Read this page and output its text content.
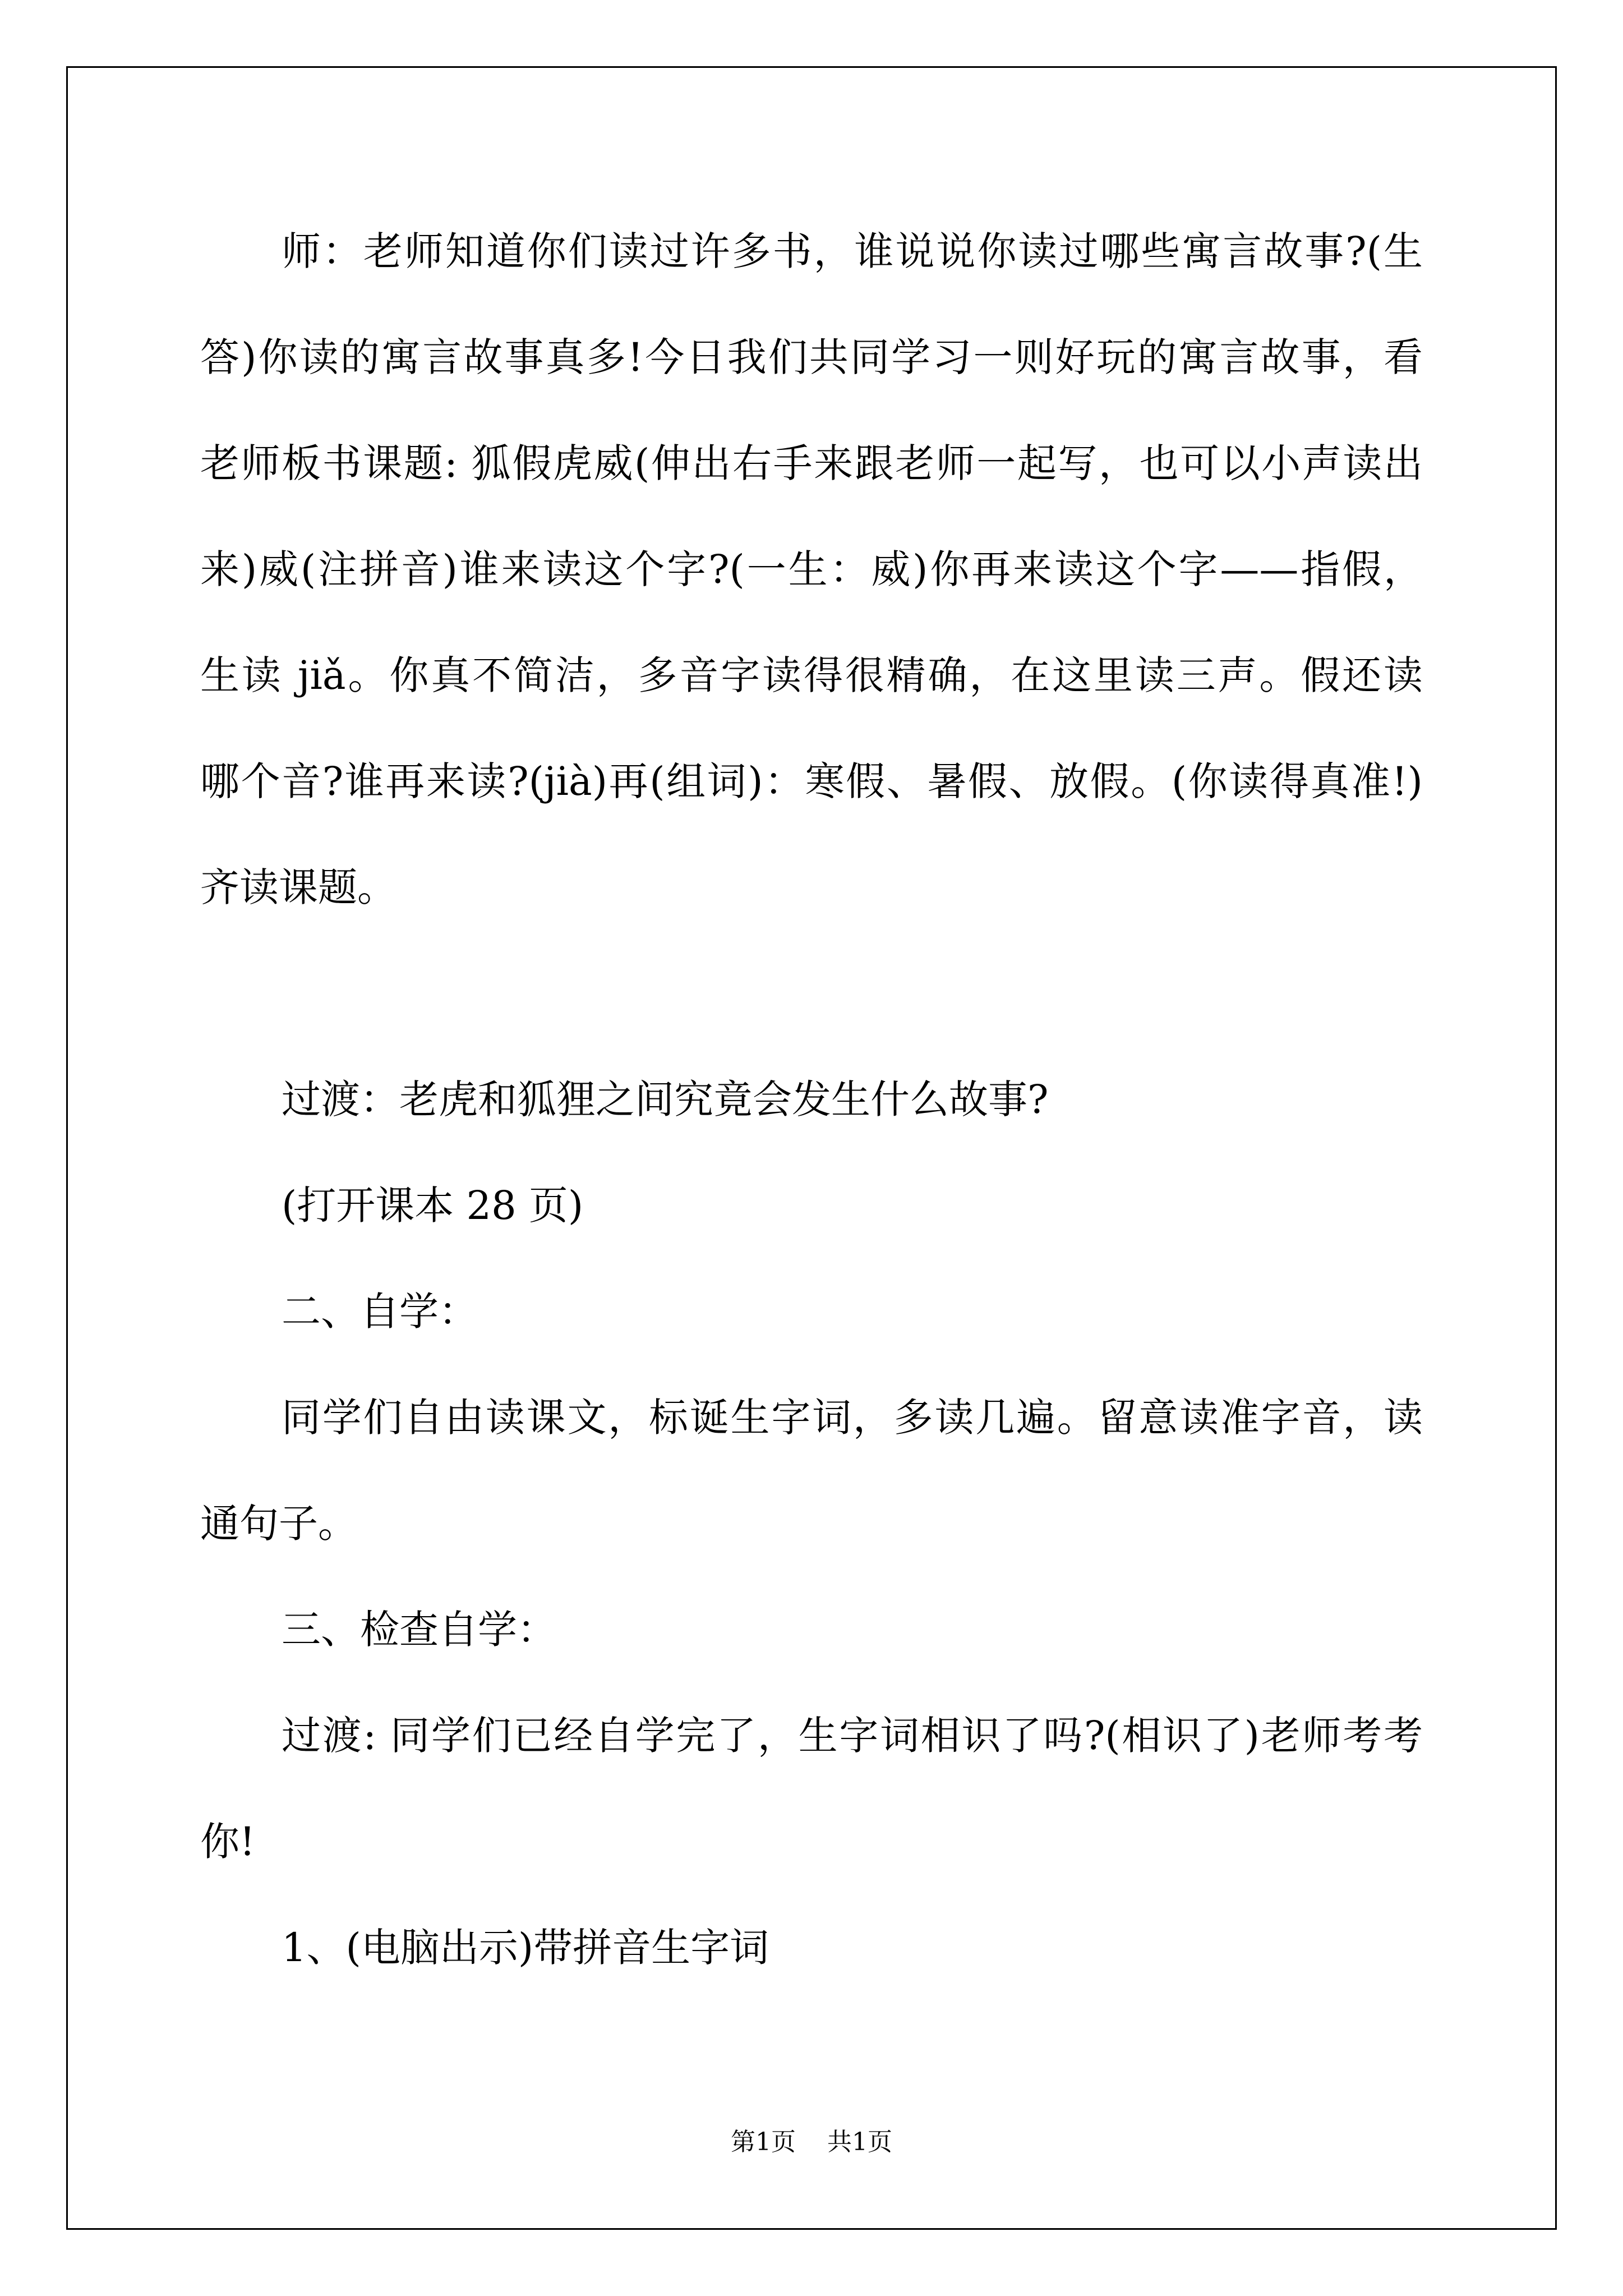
师：老师知道你们读过许多书，谁说说你读过哪些寓言故事?(生
答)你读的寓言故事真多!今日我们共同学习一则好玩的寓言故事，看
老师板书课题: 狐假虎威(伸出右手来跟老师一起写，也可以小声读出
来)威(注拼音)谁来读这个字?(一生：威)你再来读这个字——指假，
生读 jiǎ。你真不简洁，多音字读得很精确，在这里读三声。假还读
哪个音?谁再来读?(jià)再(组词)：寒假、暑假、放假。(你读得真准!)
齐读课题。
过渡：老虎和狐狸之间究竟会发生什么故事?
(打开课本 28 页)
二、自学：
同学们自由读课文，标诞生字词，多读几遍。留意读准字音，读
通句子。
三、检查自学：
过渡: 同学们已经自学完了，生字词相识了吗?(相识了)老师考考
你!
1、(电脑出示)带拼音生字词
第1页 共1页
